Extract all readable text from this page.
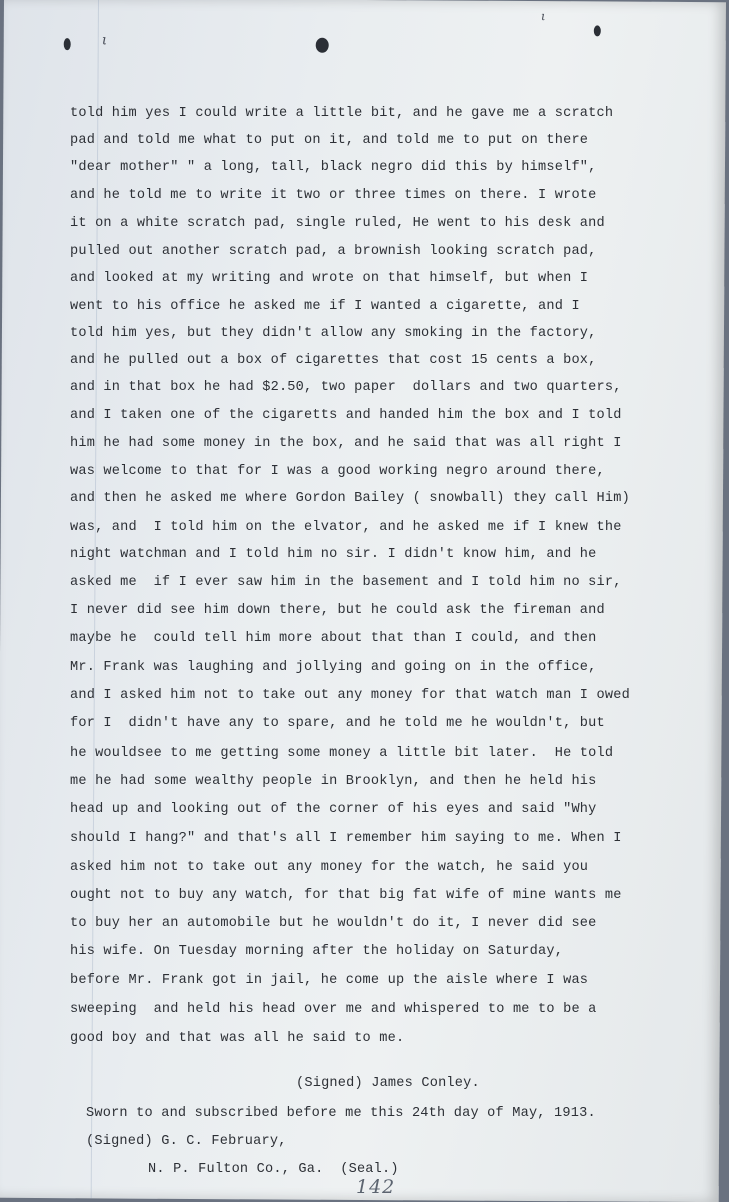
ι
ι
told him yes I could write a little bit, and he gave me a scratch
pad and told me what to put on it, and told me to put on there
"dear mother" " a long, tall, black negro did this by himself",
and he told me to write it two or three times on there. I wrote
it on a white scratch pad, single ruled, He went to his desk and
pulled out another scratch pad, a brownish looking scratch pad,
and looked at my writing and wrote on that himself, but when I
went to his office he asked me if I wanted a cigarette, and I
told him yes, but they didn't allow any smoking in the factory,
and he pulled out a box of cigarettes that cost 15 cents a box,
and in that box he had $2.50, two paper  dollars and two quarters,
and I taken one of the cigaretts and handed him the box and I told
him he had some money in the box, and he said that was all right I
was welcome to that for I was a good working negro around there,
and then he asked me where Gordon Bailey ( snowball) they call Him)
was, and  I told him on the elvator, and he asked me if I knew the
night watchman and I told him no sir. I didn't know him, and he
asked me  if I ever saw him in the basement and I told him no sir,
I never did see him down there, but he could ask the fireman and
maybe he  could tell him more about that than I could, and then
Mr. Frank was laughing and jollying and going on in the office,
and I asked him not to take out any money for that watch man I owed
for I  didn't have any to spare, and he told me he wouldn't, but
he wouldsee to me getting some money a little bit later.  He told
me he had some wealthy people in Brooklyn, and then he held his
head up and looking out of the corner of his eyes and said "Why
should I hang?" and that's all I remember him saying to me. When I
asked him not to take out any money for the watch, he said you
ought not to buy any watch, for that big fat wife of mine wants me
to buy her an automobile but he wouldn't do it, I never did see
his wife. On Tuesday morning after the holiday on Saturday,
before Mr. Frank got in jail, he come up the aisle where I was
sweeping  and held his head over me and whispered to me to be a
good boy and that was all he said to me.
(Signed) James Conley.
Sworn to and subscribed before me this 24th day of May, 1913.
(Signed) G. C. February,
N. P. Fulton Co., Ga.  (Seal.)
142
